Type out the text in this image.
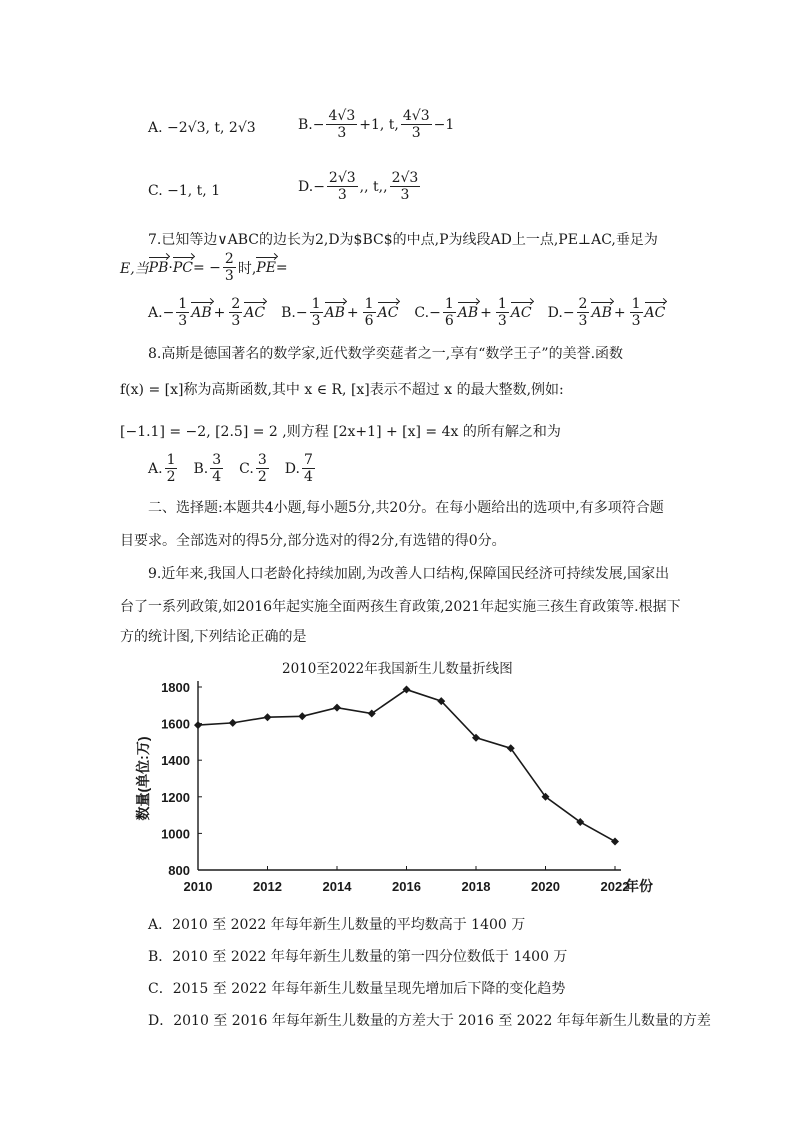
A. −2√3, t, 2√3	B. − $\frac{4√3}{3} +1$, t, $\frac{4√3}{3} -1$
C. −1, t, 1	D. − $\frac{2√3}{3}$ ,, t,, $\frac{2√3}{3}$
7.已知等边∨ABC的边长为2,D为$BC$的中点,P为线段AD上一点,PE⊥AC,垂足为
E,当 PB · PC = − $\frac{2}{3}$ 时, PE =
A. − $\frac{1}{3}$ AB + $\frac{2}{3}$ AC B. − $\frac{1}{3}$ AB + $\frac{1}{6}$ AC C. − $\frac{1}{6}$ AB + $\frac{1}{3}$ AC D. − $\frac{2}{3}$ AB + $\frac{1}{3}$ AC
8.高斯是德国著名的数学家,近代数学奕莚者之一,享有“数学王子”的美誉.函数
f(x) = [x]称为高斯函数,其中 x ∈ R, [x]表示不超过 x 的最大整数,例如:
[−1.1] = −2, [2.5] = 2 ,则方程 [2x+1] + [x] = 4x 的所有解之和为
A. $\frac{1}{2} B$. $\frac{3}{4} C$. $\frac{3}{2} D$. $\frac{7}{4}$
二、选择题:本题共4小题,每小题5分,共20分。在每小题给出的选项中,有多项符合题
目要求。全部选对的得5分,部分选对的得2分,有选错的得0分。
9.近年来,我国人口老龄化持续加剧,为改善人口结构,保障国民经济可持续发展,国家出
台了一系列政策,如2016年起实施全面两孩生育政策,2021年起实施三孩生育政策等.根据下
方的统计图,下列结论正确的是
2010至2022年我国新生儿数量折线图
800
1000
1200
1400
1600
1800
2010	2012	2014	2016	2018	2020	2022
年份
数量(单位:万)
A．2010 至 2022 年每年新生儿数量的平均数高于 1400 万
B．2010 至 2022 年每年新生儿数量的第一四分位数低于 1400 万
C．2015 至 2022 年每年新生儿数量呈现先增加后下降的变化趋势
D．2010 至 2016 年每年新生儿数量的方差大于 2016 至 2022 年每年新生儿数量的方差
